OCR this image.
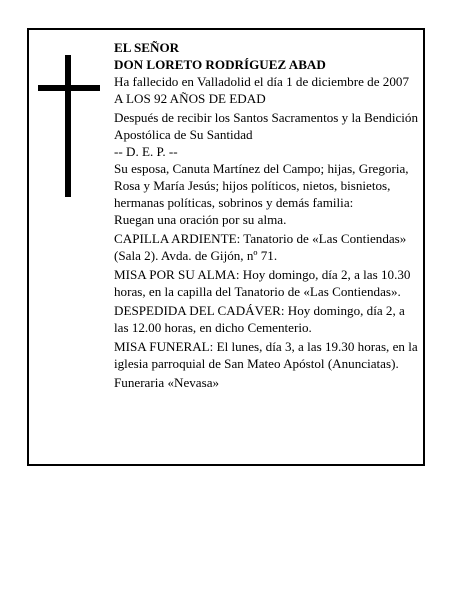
EL SEÑOR

DON LORETO RODRÍGUEZ ABAD

Ha fallecido en Valladolid el día 1 de diciembre de 2007

A LOS 92 AÑOS DE EDAD

Después de recibir los Santos Sacramentos y la Bendición Apostólica de Su Santidad

-- D. E. P. --

Su esposa, Canuta Martínez del Campo; hijas, Gregoria, Rosa y María Jesús; hijos políticos, nietos, bisnietos, hermanas políticas, sobrinos y demás familia:

Ruegan una oración por su alma.

CAPILLA ARDIENTE: Tanatorio de «Las Contiendas» (Sala 2). Avda. de Gijón, nº 71.

MISA POR SU ALMA: Hoy domingo, día 2, a las 10.30 horas, en la capilla del Tanatorio de «Las Contiendas».

DESPEDIDA DEL CADÁVER: Hoy domingo, día 2, a las 12.00 horas, en dicho Cementerio.

MISA FUNERAL: El lunes, día 3, a las 19.30 horas, en la iglesia parroquial de San Mateo Apóstol (Anunciatas).

Funeraria «Nevasa»
